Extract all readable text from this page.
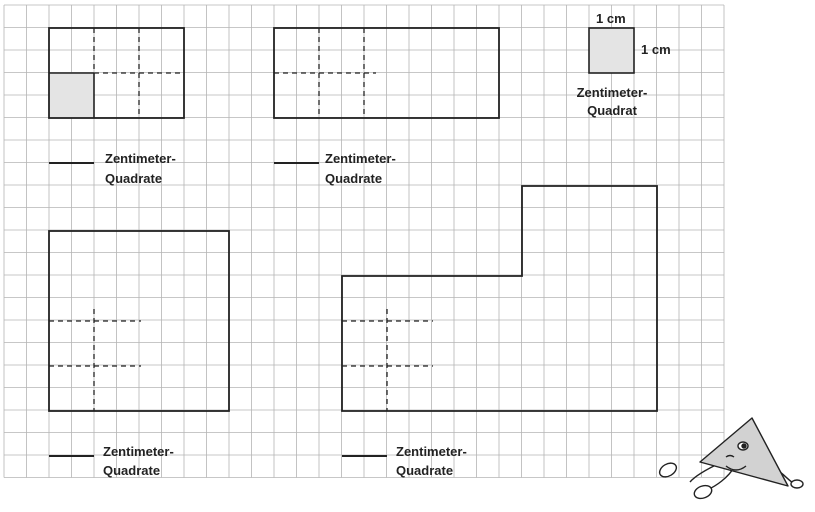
1 cm
1 cm
Zentimeter-
Quadrat
Zentimeter-
Quadrate
Zentimeter-
Quadrate
Zentimeter-
Quadrate
Zentimeter-
Quadrate
